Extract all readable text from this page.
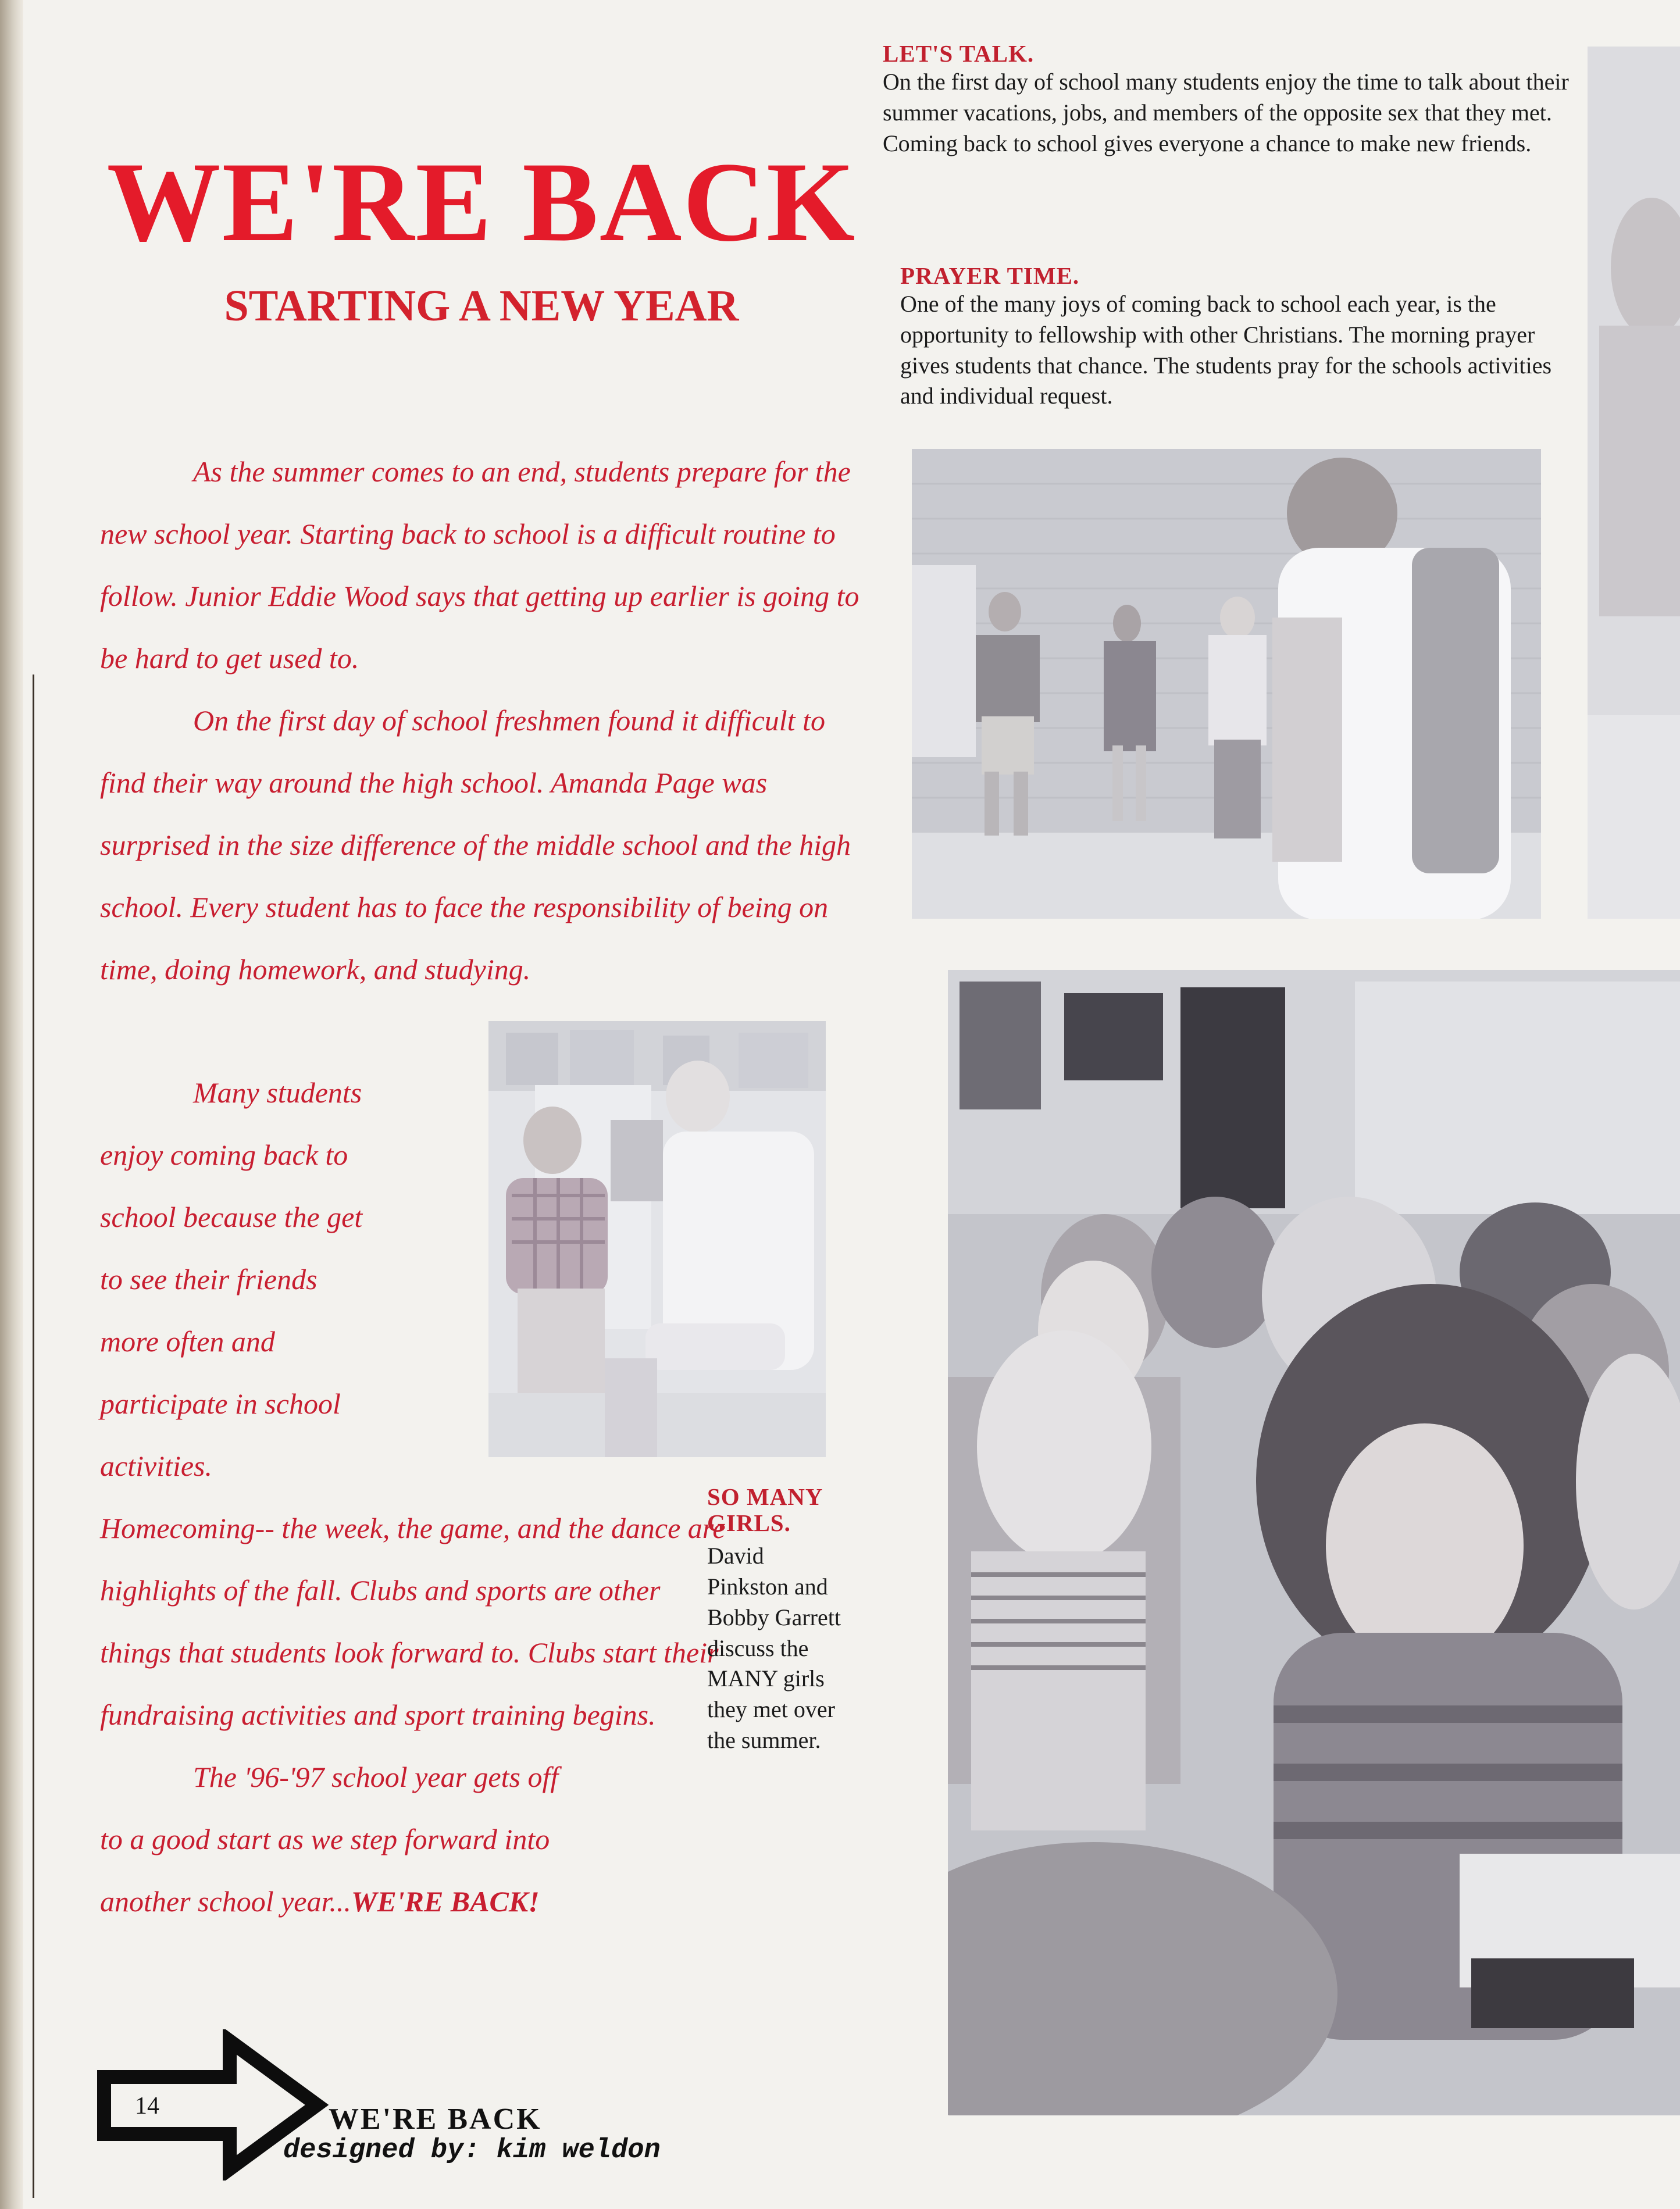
WE'RE BACK
STARTING A NEW YEAR
LET'S TALK.
On the first day of school many students enjoy the time to talk about their summer vacations, jobs, and members of the opposite sex that they met. Coming back to school gives everyone a chance to make new friends.
PRAYER TIME.
One of the many joys of coming back to school each year, is the opportunity to fellowship with other Christians. The morning prayer gives students that chance. The students pray for the schools activities and individual request.

As the summer comes to an end, students prepare for the new school year. Starting back to school is a difficult routine to follow. Junior Eddie Wood says that getting up earlier is going to be hard to get used to.

On the first day of school freshmen found it difficult to find their way around the high school. Amanda Page was surprised in the size difference of the middle school and the high school. Every student has to face the responsibility of being on time, doing homework, and studying.

Many students enjoy coming back to school because the get to see their friends more often and participate in school activities. Homecoming-- the week, the game, and the dance are highlights of the fall. Clubs and sports are other things that students look forward to. Clubs start their fundraising activities and sport training begins.

The '96-'97 school year gets off to a good start as we step forward into another school year...WE'RE BACK!

SO MANY GIRLS.
David Pinkston and Bobby Garrett discuss the MANY girls they met over the summer.
14	WE'RE BACK
designed by: kim weldon
